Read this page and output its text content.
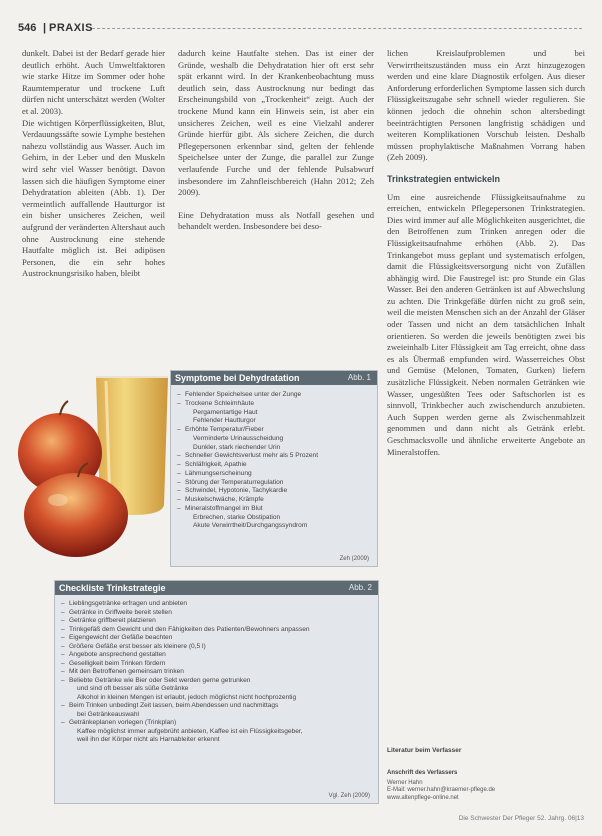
546 | PRAXIS

dunkelt. Dabei ist der Bedarf gerade hier deutlich erhöht. Auch Umweltfaktoren wie starke Hitze im Sommer oder hohe Raumtemperatur und trockene Luft dürfen nicht unterschätzt werden (Wolter et al. 2003).

Die wichtigen Körperflüssigkeiten, Blut, Verdauungssäfte sowie Lymphe bestehen nahezu vollständig aus Wasser. Auch im Gehirn, in der Leber und den Muskeln wird sehr viel Wasser benötigt. Davon lassen sich die häufigen Symptome einer Dehydratation ableiten (Abb. 1). Der vermeintlich auffallende Hautturgor ist ein bisher unsicheres Zeichen, weil aufgrund der veränderten Altershaut auch ohne Austrocknung eine stehende Hautfalte möglich ist. Bei adipösen Personen, die ein sehr hohes Austrocknungsrisiko haben, bleibt

dadurch keine Hautfalte stehen. Das ist einer der Gründe, weshalb die Dehydratation hier oft erst sehr spät erkannt wird. In der Krankenbeobachtung muss deutlich sein, dass Austrocknung nur bedingt das Erscheinungsbild von „Trockenheit“ zeigt. Auch der trockene Mund kann ein Hinweis sein, ist aber ein unsicheres Zeichen, weil es eine Vielzahl anderer Gründe hierfür gibt. Als sichere Zeichen, die durch Pflegepersonen erkennbar sind, gelten der fehlende Speichelsee unter der Zunge, die parallel zur Zunge verlaufende Furche und der fehlende Pulsabwurf insbesondere im Zahnfleischbereich (Hahn 2012; Zeh 2009).

Eine Dehydratation muss als Notfall gesehen und behandelt werden. Insbesondere bei deso-

lichen Kreislaufproblemen und bei Verwirrtheitszuständen muss ein Arzt hinzugezogen werden und eine klare Diagnostik erfolgen. Aus dieser Anforderung erforderlichen Symptome lassen sich durch Flüssigkeitszugabe sehr schnell wieder regulieren. Sie können jedoch die ohnehin schon altersbedingt beeinträchtigten Personen langfristig schädigen und weiteren Komplikationen Vorschub leisten. Deshalb müssen prophylaktische Maßnahmen Vorrang haben (Zeh 2009).

Trinkstrategien entwickeln

Um eine ausreichende Flüssigkeitsaufnahme zu erreichen, entwickeln Pflegepersonen Trinkstrategien. Dies wird immer auf alle Möglichkeiten ausgerichtet, die den Betroffenen zum Trinken anregen oder die Flüssigkeitsaufnahme erhöhen (Abb. 2). Das Trinkangebot muss geplant und systematisch erfolgen, damit die Flüssigkeitsversorgung nicht von Zufällen abhängig wird. Die Faustregel ist: pro Stunde ein Glas Wasser. Bei den anderen Getränken ist auf Abwechslung zu achten. Die Trinkgefäße dürfen nicht zu groß sein, weil die meisten Menschen sich an der Anzahl der Gläser oder Tassen und nicht an dem tatsächlichen Inhalt orientieren. So werden die jeweils benötigten zwei bis zweieinhalb Liter Flüssigkeit am Tag erreicht, ohne dass es als Übermaß empfunden wird. Wasserreiches Obst und Gemüse (Melonen, Tomaten, Gurken) liefern zusätzliche Flüssigkeit. Neben normalen Getränken wie Wasser, ungesüßten Tees oder Saftschorlen ist es sinnvoll, Trinkbecher auch zwischendurch anzubieten. Auch Suppen werden gerne als Zwischenmahlzeit genommen und dann nicht als Getränk erlebt. Geschmacksvolle und ähnliche erweiterte Angebote an Mineralstoffen.

Symptome bei Dehydratation	Abb. 1
– Fehlender Speichelsee unter der Zunge
– Trockene Schleimhäute
Pergamentartige Haut
Fehlender Hautturgor
– Erhöhte Temperatur/Fieber
Verminderte Urinausscheidung
Dunkler, stark riechender Urin
– Schneller Gewichtsverlust mehr als 5 Prozent
– Schläfrigkeit, Apathie
– Lähmungserscheinung
– Störung der Temperaturregulation
– Schwindel, Hypotonie, Tachykardie
– Muskelschwäche, Krämpfe
– Mineralstoffmangel im Blut
Erbrechen, starke Obstipation
Akute Verwirrtheit/Durchgangssyndrom
Zeh (2009)
Checkliste Trinkstrategie	Abb. 2
– Lieblingsgetränke erfragen und anbieten
– Getränke in Griffweite bereit stellen
– Getränke griffbereit platzieren
– Trinkgefäß dem Gewicht und den Fähigkeiten des Patienten/Bewohners anpassen
– Eigengewicht der Gefäße beachten
– Größere Gefäße erst besser als kleinere (0,5 l)
– Angebote ansprechend gestalten
– Geselligkeit beim Trinken fördern
– Mit den Betroffenen gemeinsam trinken
– Beliebte Getränke wie Bier oder Sekt werden gerne getrunken
und sind oft besser als süße Getränke
Alkohol in kleinen Mengen ist erlaubt, jedoch möglichst nicht hochprozentig
– Beim Trinken unbedingt Zeit lassen, beim Abendessen und nachmittags
bei Getränkeauswahl
– Getränkeplanen vorlegen (Trinkplan)
Kaffee möglichst immer aufgebrüht anbieten, Kaffee ist ein Flüssigkeitsgeber,
weil ihn der Körper nicht als Harnableiter erkennt
Vgl. Zeh (2009)
Literatur beim Verfasser
Anschrift des Verfassers
Werner Hahn
E-Mail: werner.hahn@kraemer-pflege.de
www.altenpflege-online.net
Die Schwester Der Pfleger 52. Jahrg. 06|13
